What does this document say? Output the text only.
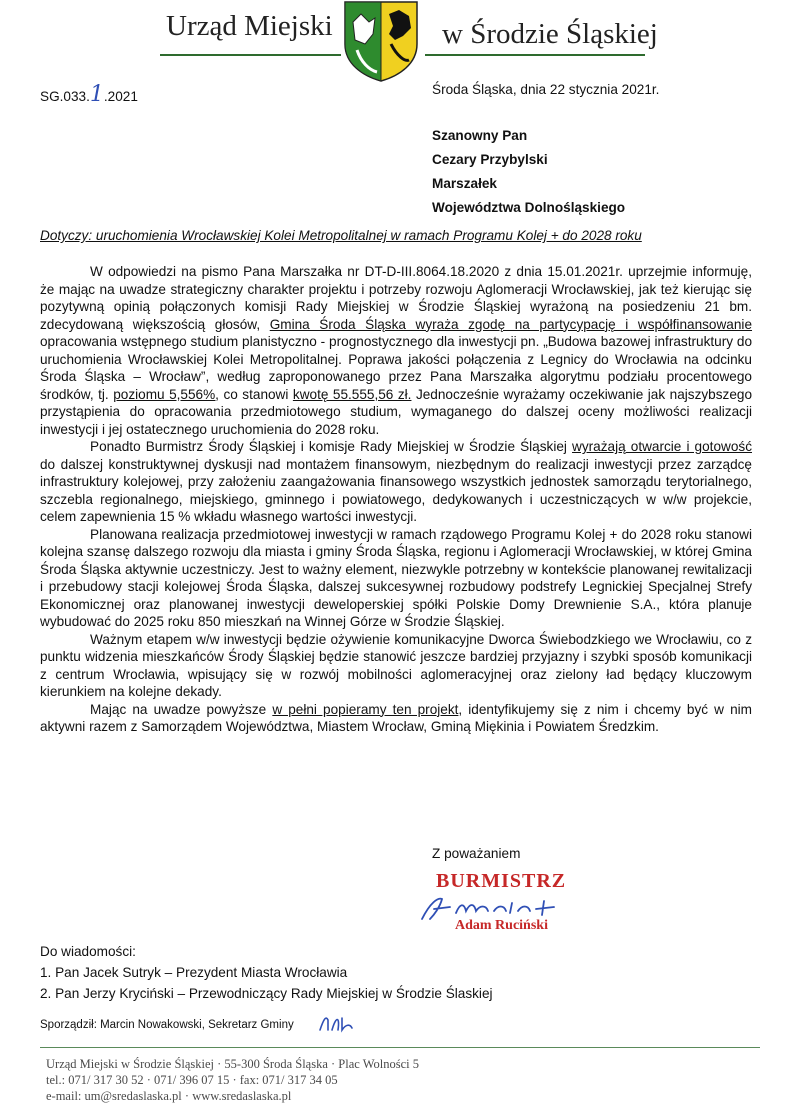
Urząd Miejski	w Środzie Śląskiej
SG.033.1.2021	Środa Śląska, dnia 22 stycznia 2021r.
Szanowny Pan
Cezary Przybylski
Marszałek
Województwa Dolnośląskiego
Dotyczy: uruchomienia Wrocławskiej Kolei Metropolitalnej w ramach Programu Kolej + do 2028 roku

W odpowiedzi na pismo Pana Marszałka nr DT-D-III.8064.18.2020 z dnia 15.01.2021r. uprzejmie informuję, że mając na uwadze strategiczny charakter projektu i potrzeby rozwoju Aglomeracji Wrocławskiej, jak też kierując się pozytywną opinią połączonych komisji Rady Miejskiej w Środzie Śląskiej wyrażoną na posiedzeniu 21 bm. zdecydowaną większością głosów, Gmina Środa Śląska wyraża zgodę na partycypację i współfinansowanie opracowania wstępnego studium planistyczno - prognostycznego dla inwestycji pn. „Budowa bazowej infrastruktury do uruchomienia Wrocławskiej Kolei Metropolitalnej. Poprawa jakości połączenia z Legnicy do Wrocławia na odcinku Środa Śląska – Wrocław”, według zaproponowanego przez Pana Marszałka algorytmu podziału procentowego środków, tj. poziomu 5,556%, co stanowi kwotę 55.555,56 zł. Jednocześnie wyrażamy oczekiwanie jak najszybszego przystąpienia do opracowania przedmiotowego studium, wymaganego do dalszej oceny możliwości realizacji inwestycji i jej ostatecznego uruchomienia do 2028 roku.

Ponadto Burmistrz Środy Śląskiej i komisje Rady Miejskiej w Środzie Śląskiej wyrażają otwarcie i gotowość do dalszej konstruktywnej dyskusji nad montażem finansowym, niezbędnym do realizacji inwestycji przez zarządcę infrastruktury kolejowej, przy założeniu zaangażowania finansowego wszystkich jednostek samorządu terytorialnego, szczebla regionalnego, miejskiego, gminnego i powiatowego, dedykowanych i uczestniczących w w/w projekcie, celem zapewnienia 15 % wkładu własnego wartości inwestycji.

Planowana realizacja przedmiotowej inwestycji w ramach rządowego Programu Kolej + do 2028 roku stanowi kolejna szansę dalszego rozwoju dla miasta i gminy Środa Śląska, regionu i Aglomeracji Wrocławskiej, w której Gmina Środa Śląska aktywnie uczestniczy. Jest to ważny element, niezwykle potrzebny w kontekście planowanej rewitalizacji i przebudowy stacji kolejowej Środa Śląska, dalszej sukcesywnej rozbudowy podstrefy Legnickiej Specjalnej Strefy Ekonomicznej oraz planowanej inwestycji deweloperskiej spółki Polskie Domy Drewnienie S.A., która planuje wybudować do 2025 roku 850 mieszkań na Winnej Górze w Środzie Śląskiej.

Ważnym etapem w/w inwestycji będzie ożywienie komunikacyjne Dworca Świebodzkiego we Wrocławiu, co z punktu widzenia mieszkańców Środy Śląskiej będzie stanowić jeszcze bardziej przyjazny i szybki sposób komunikacji z centrum Wrocławia, wpisujący się w rozwój mobilności aglomeracyjnej oraz zielony ład będący kluczowym kierunkiem na kolejne dekady.

Mając na uwadze powyższe w pełni popieramy ten projekt, identyfikujemy się z nim i chcemy być w nim aktywni razem z Samorządem Województwa, Miastem Wrocław, Gminą Miękinia i Powiatem Średzkim.

Z poważaniem
BURMISTRZ
Adam Ruciński
Do wiadomości:
1. Pan Jacek Sutryk – Prezydent Miasta Wrocławia
2. Pan Jerzy Kryciński – Przewodniczący Rady Miejskiej w Środzie Ślaskiej
Sporządził: Marcin Nowakowski, Sekretarz Gminy
Urząd Miejski w Środzie Śląskiej · 55-300 Środa Śląska · Plac Wolności 5
tel.: 071/ 317 30 52 · 071/ 396 07 15 · fax: 071/ 317 34 05
e-mail: um@sredaslaska.pl · www.sredaslaska.pl
